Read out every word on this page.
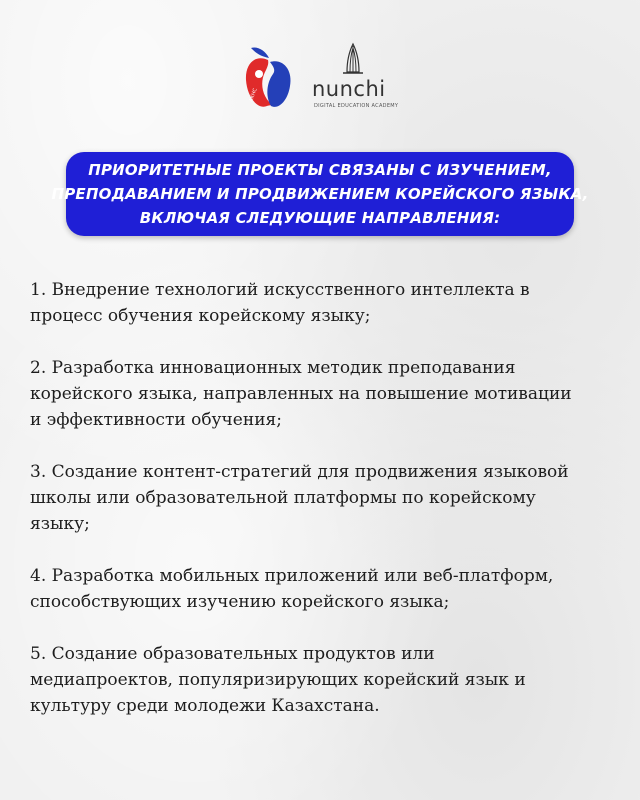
AKHC	nunchi
DIGITAL EDUCATION ACADEMY
ПРИОРИТЕТНЫЕ ПРОЕКТЫ СВЯЗАНЫ С ИЗУЧЕНИЕМ,
ПРЕПОДАВАНИЕМ И ПРОДВИЖЕНИЕМ КОРЕЙСКОГО ЯЗЫКА,
ВКЛЮЧАЯ СЛЕДУЮЩИЕ НАПРАВЛЕНИЯ:
1. Внедрение технологий искусственного интеллекта в
процесс обучения корейскому языку;
2. Разработка инновационных методик преподавания
корейского языка, направленных на повышение мотивации
и эффективности обучения;
3. Создание контент-стратегий для продвижения языковой
школы или образовательной платформы по корейскому
языку;
4. Разработка мобильных приложений или веб-платформ,
способствующих изучению корейского языка;
5. Создание образовательных продуктов или
медиапроектов, популяризирующих корейский язык и
культуру среди молодежи Казахстана.
